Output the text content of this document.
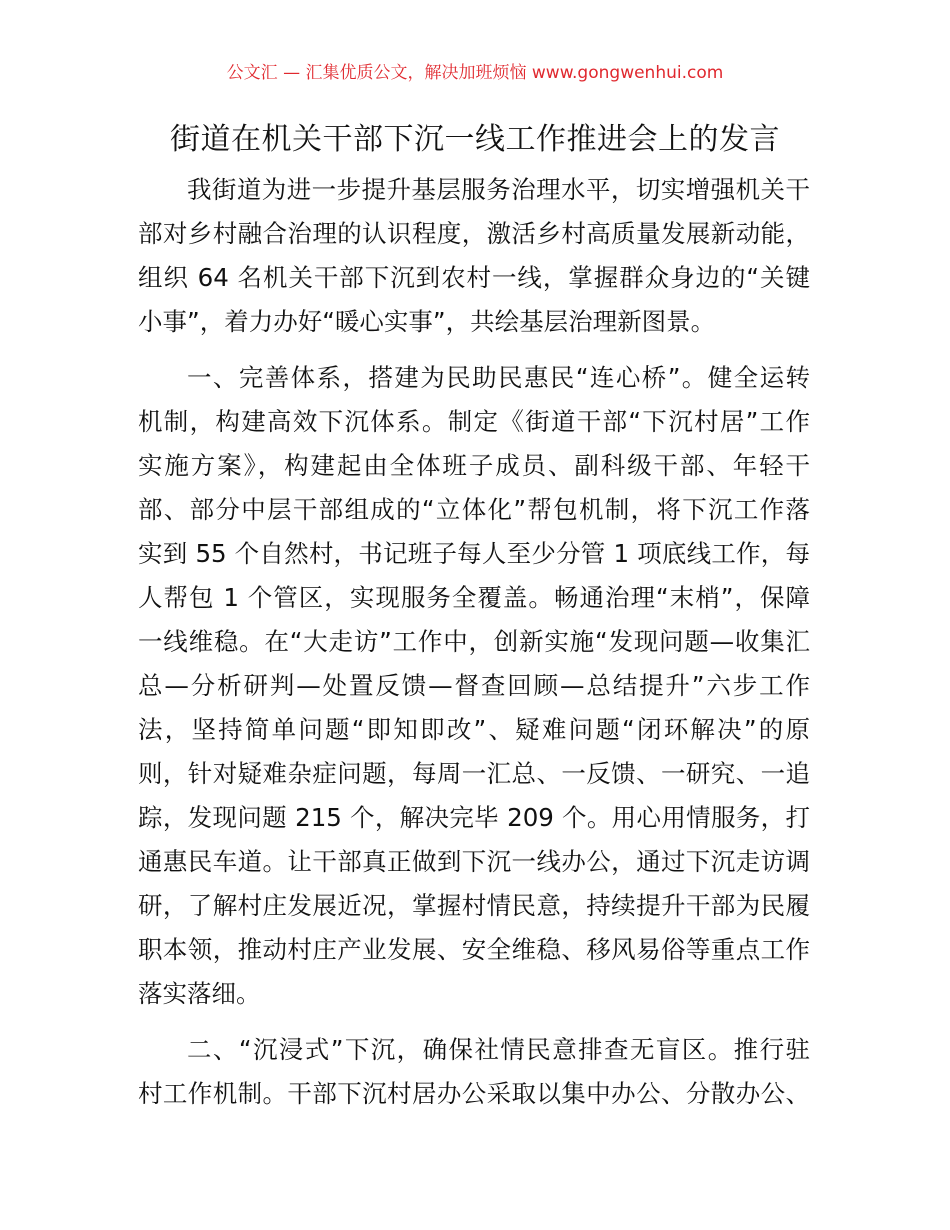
公文汇 — 汇集优质公文，解决加班烦恼 www.gongwenhui.com
街道在机关干部下沉一线工作推进会上的发言
我街道为进一步提升基层服务治理水平，切实增强机关干
部对乡村融合治理的认识程度，激活乡村高质量发展新动能，
组织 64 名机关干部下沉到农村一线，掌握群众身边的“关键
小事”，着力办好“暖心实事”，共绘基层治理新图景。
一、完善体系，搭建为民助民惠民“连心桥”。健全运转
机制，构建高效下沉体系。制定《街道干部“下沉村居”工作
实施方案》，构建起由全体班子成员、副科级干部、年轻干
部、部分中层干部组成的“立体化”帮包机制，将下沉工作落
实到 55 个自然村，书记班子每人至少分管 1 项底线工作，每
人帮包 1 个管区，实现服务全覆盖。畅通治理“末梢”，保障
一线维稳。在“大走访”工作中，创新实施“发现问题—收集汇
总—分析研判—处置反馈—督查回顾—总结提升”六步工作
法，坚持简单问题“即知即改”、疑难问题“闭环解决”的原
则，针对疑难杂症问题，每周一汇总、一反馈、一研究、一追
踪，发现问题 215 个，解决完毕 209 个。用心用情服务，打
通惠民车道。让干部真正做到下沉一线办公，通过下沉走访调
研，了解村庄发展近况，掌握村情民意，持续提升干部为民履
职本领，推动村庄产业发展、安全维稳、移风易俗等重点工作
落实落细。
二、“沉浸式”下沉，确保社情民意排查无盲区。推行驻
村工作机制。干部下沉村居办公采取以集中办公、分散办公、
